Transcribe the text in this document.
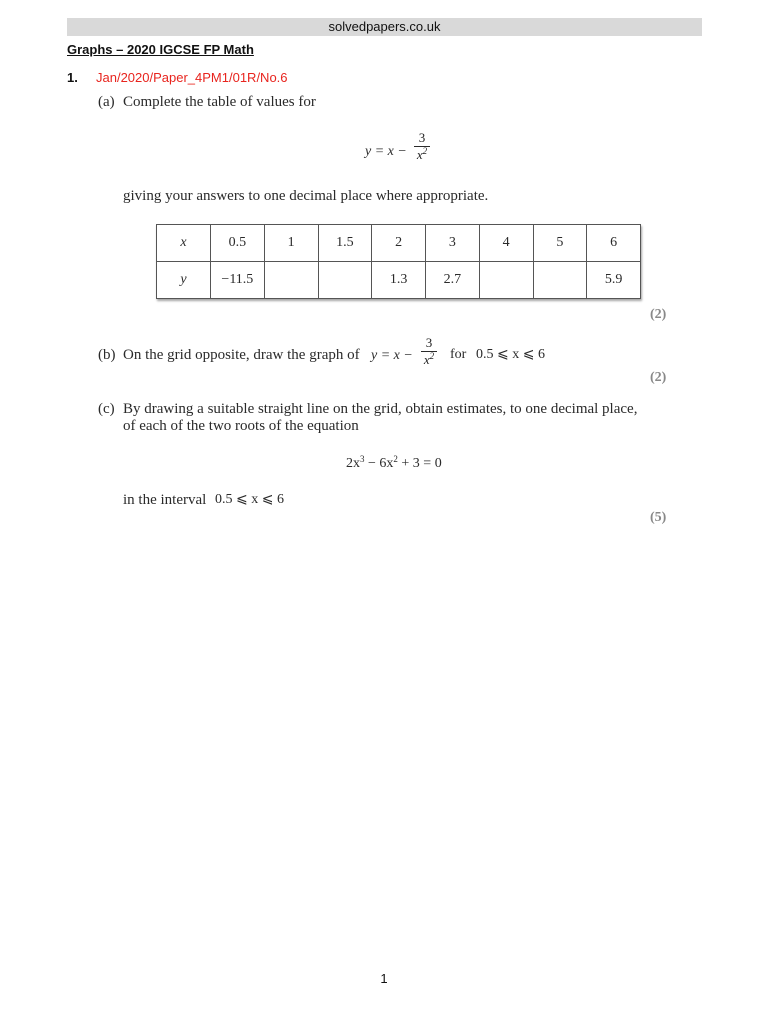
solvedpapers.co.uk
Graphs – 2020 IGCSE FP Math
1. Jan/2020/Paper_4PM1/01R/No.6
(a) Complete the table of values for
y = x −
3
$x^2$
giving your answers to one decimal place where appropriate.
x	0.5	1	1.5	2	3	4	5	6
y	−11.5			1.3	2.7			5.9
(2)
(b) On the grid opposite, draw the graph of y = x −
3
$x^2$ for 0.5 ⩽ x ⩽ 6
(2)
(c) By drawing a suitable straight line on the grid, obtain estimates, to one decimal place,
of each of the two roots of the equation
$2x^3 - 6x^2 + 3 = 0$
in the interval 0.5 ⩽ x ⩽ 6
(5)
1
